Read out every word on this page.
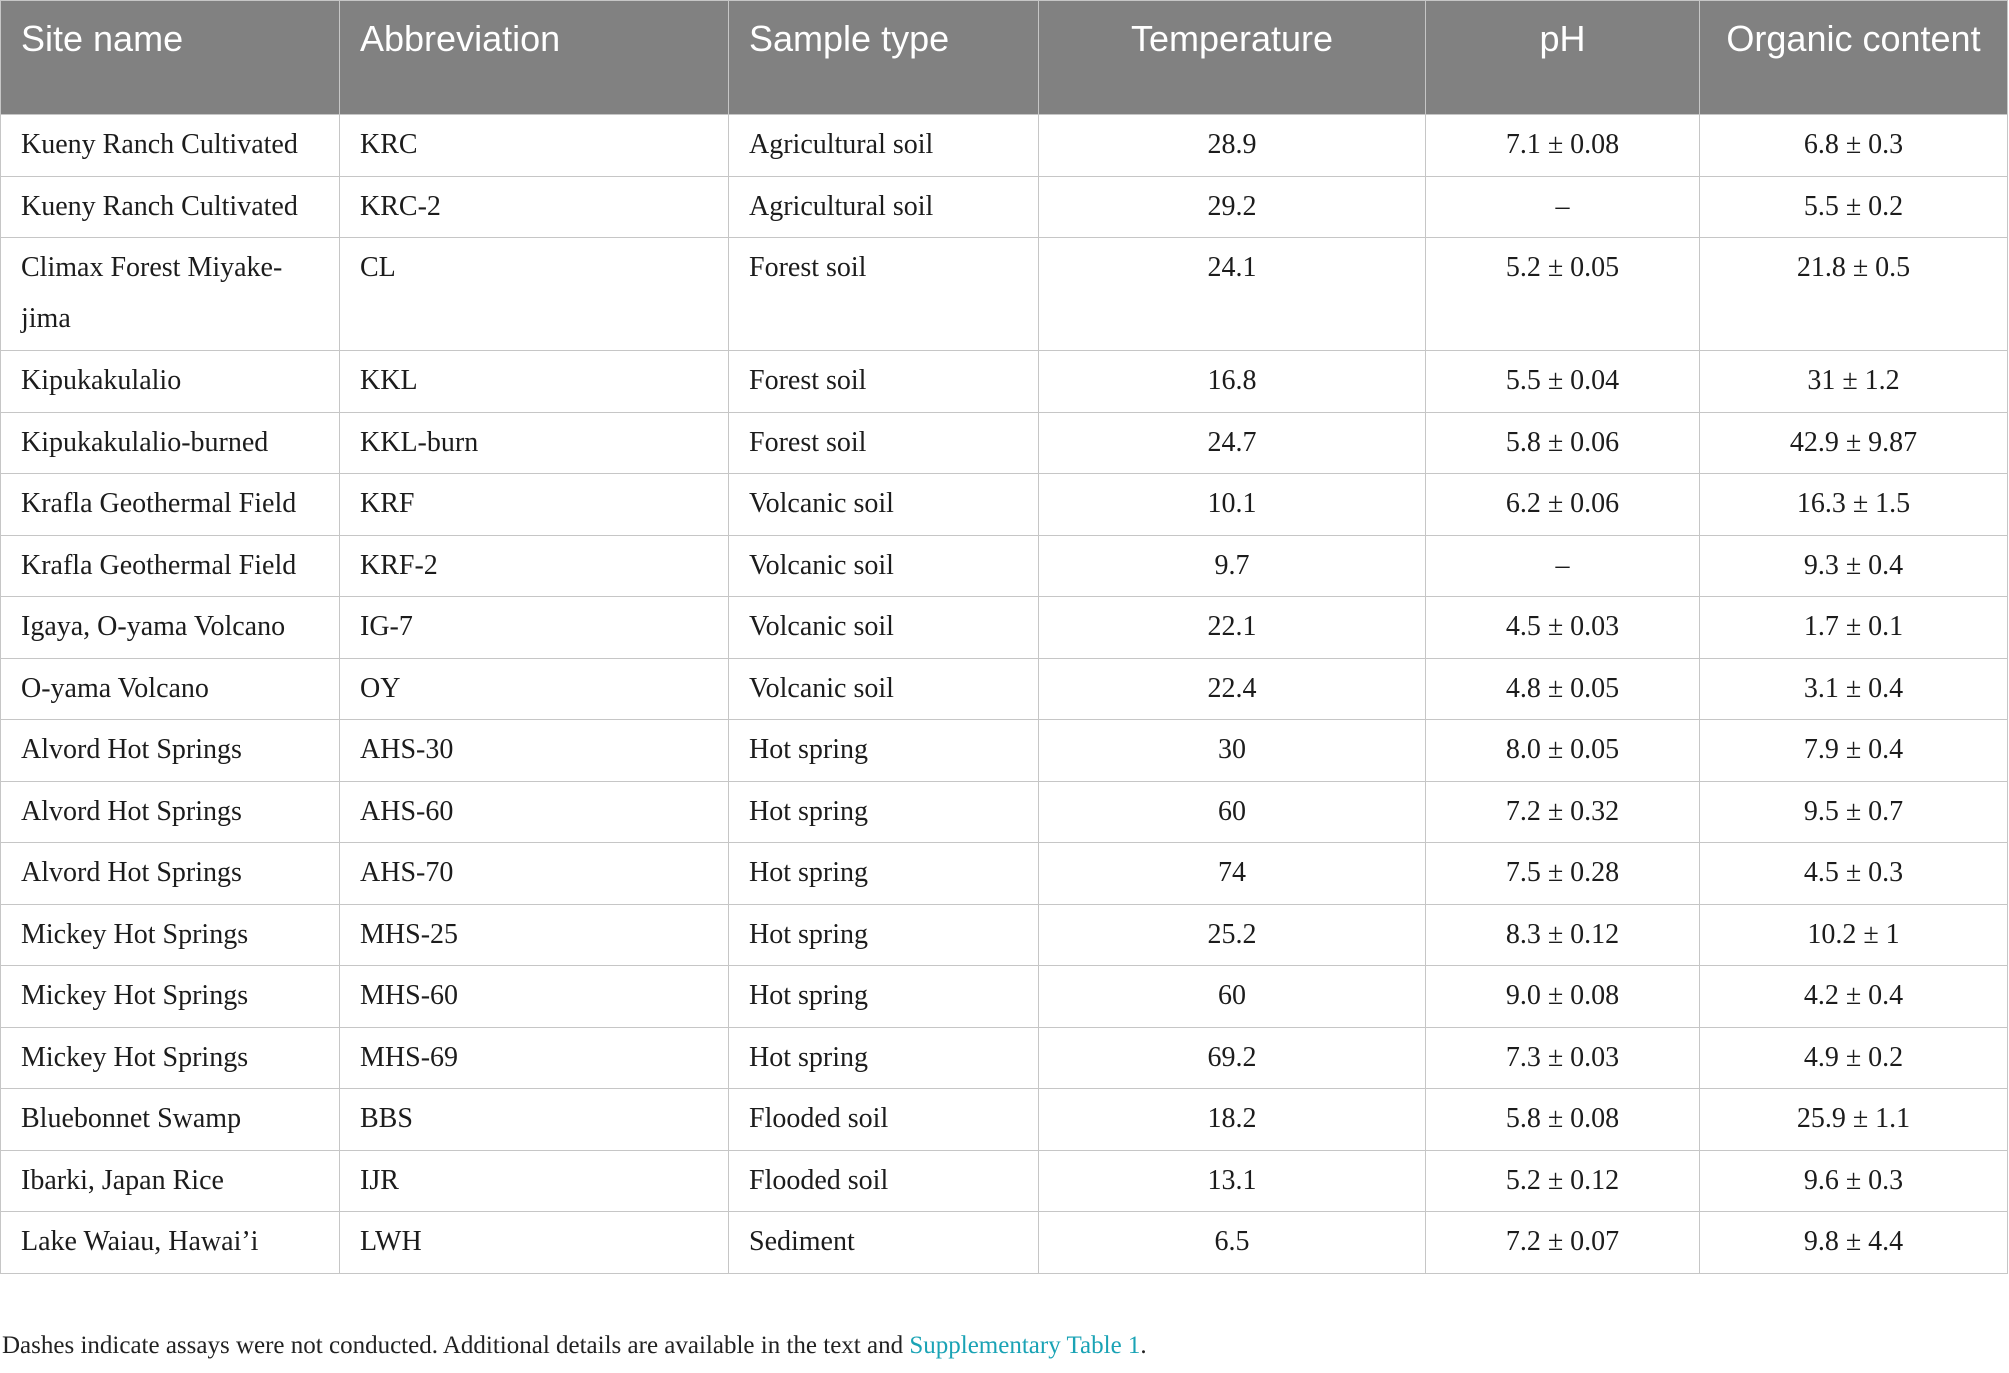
Site name	Abbreviation	Sample type	Temperature	pH	Organic content
Kueny Ranch Cultivated	KRC	Agricultural soil	28.9	7.1 ± 0.08	6.8 ± 0.3
Kueny Ranch Cultivated	KRC-2	Agricultural soil	29.2	–	5.5 ± 0.2
Climax Forest Miyake-jima	CL	Forest soil	24.1	5.2 ± 0.05	21.8 ± 0.5
Kipukakulalio	KKL	Forest soil	16.8	5.5 ± 0.04	31 ± 1.2
Kipukakulalio-burned	KKL-burn	Forest soil	24.7	5.8 ± 0.06	42.9 ± 9.87
Krafla Geothermal Field	KRF	Volcanic soil	10.1	6.2 ± 0.06	16.3 ± 1.5
Krafla Geothermal Field	KRF-2	Volcanic soil	9.7	–	9.3 ± 0.4
Igaya, O-yama Volcano	IG-7	Volcanic soil	22.1	4.5 ± 0.03	1.7 ± 0.1
O-yama Volcano	OY	Volcanic soil	22.4	4.8 ± 0.05	3.1 ± 0.4
Alvord Hot Springs	AHS-30	Hot spring	30	8.0 ± 0.05	7.9 ± 0.4
Alvord Hot Springs	AHS-60	Hot spring	60	7.2 ± 0.32	9.5 ± 0.7
Alvord Hot Springs	AHS-70	Hot spring	74	7.5 ± 0.28	4.5 ± 0.3
Mickey Hot Springs	MHS-25	Hot spring	25.2	8.3 ± 0.12	10.2 ± 1
Mickey Hot Springs	MHS-60	Hot spring	60	9.0 ± 0.08	4.2 ± 0.4
Mickey Hot Springs	MHS-69	Hot spring	69.2	7.3 ± 0.03	4.9 ± 0.2
Bluebonnet Swamp	BBS	Flooded soil	18.2	5.8 ± 0.08	25.9 ± 1.1
Ibarki, Japan Rice	IJR	Flooded soil	13.1	5.2 ± 0.12	9.6 ± 0.3
Lake Waiau, Hawai’i	LWH	Sediment	6.5	7.2 ± 0.07	9.8 ± 4.4
Dashes indicate assays were not conducted. Additional details are available in the text and Supplementary Table 1.
